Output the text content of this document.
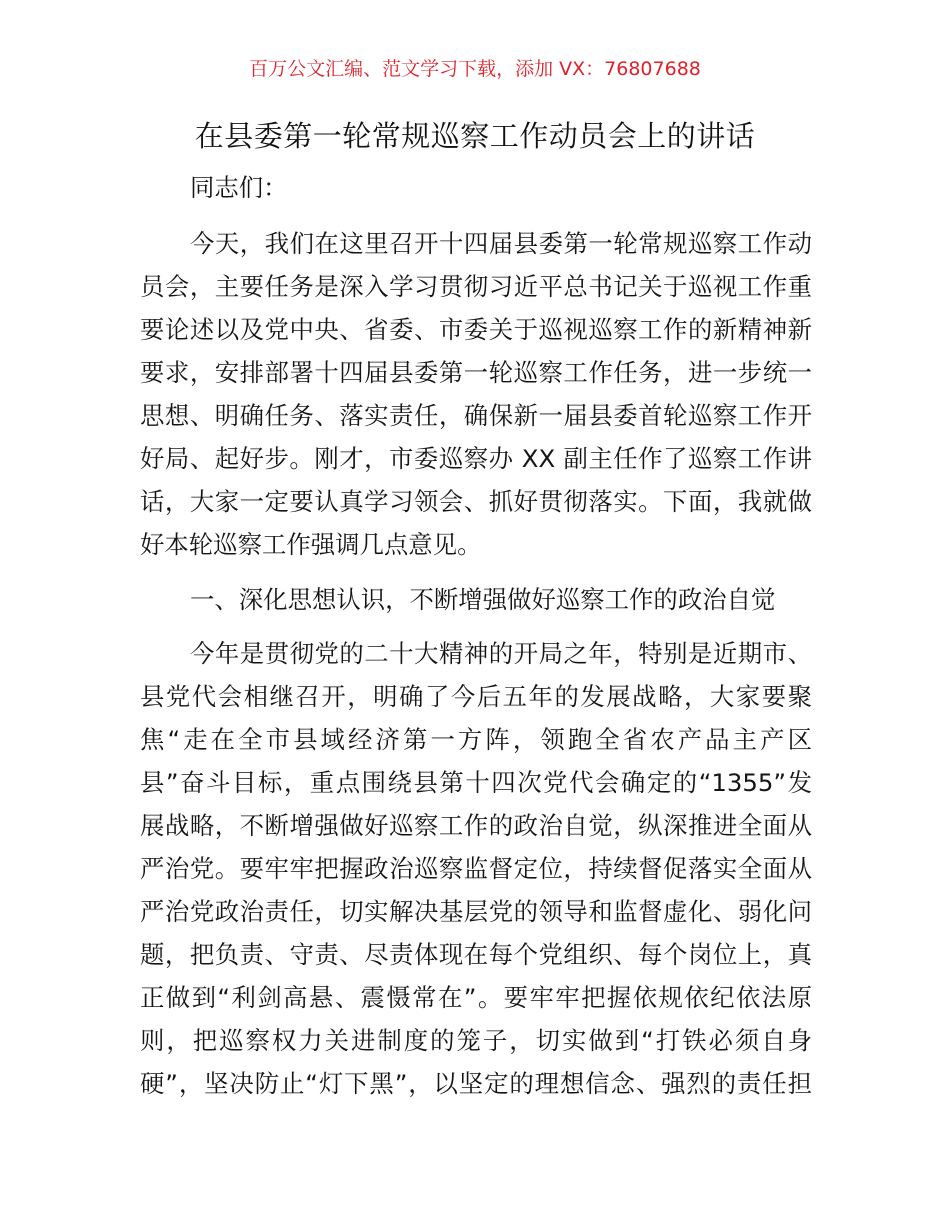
百万公文汇编、范文学习下载，添加 VX：76807688
在县委第一轮常规巡察工作动员会上的讲话
同志们：
今天，我们在这里召开十四届县委第一轮常规巡察工作动
员会，主要任务是深入学习贯彻习近平总书记关于巡视工作重
要论述以及党中央、省委、市委关于巡视巡察工作的新精神新
要求，安排部署十四届县委第一轮巡察工作任务，进一步统一
思想、明确任务、落实责任，确保新一届县委首轮巡察工作开
好局、起好步。刚才，市委巡察办 XX 副主任作了巡察工作讲
话，大家一定要认真学习领会、抓好贯彻落实。下面，我就做
好本轮巡察工作强调几点意见。
一、深化思想认识，不断增强做好巡察工作的政治自觉
今年是贯彻党的二十大精神的开局之年，特别是近期市、
县党代会相继召开，明确了今后五年的发展战略，大家要聚
焦“走在全市县域经济第一方阵，领跑全省农产品主产区
县”奋斗目标，重点围绕县第十四次党代会确定的“1355”发
展战略，不断增强做好巡察工作的政治自觉，纵深推进全面从
严治党。要牢牢把握政治巡察监督定位，持续督促落实全面从
严治党政治责任，切实解决基层党的领导和监督虚化、弱化问
题，把负责、守责、尽责体现在每个党组织、每个岗位上，真
正做到“利剑高悬、震慑常在”。要牢牢把握依规依纪依法原
则，把巡察权力关进制度的笼子，切实做到“打铁必须自身
硬”，坚决防止“灯下黑”，以坚定的理想信念、强烈的责任担
